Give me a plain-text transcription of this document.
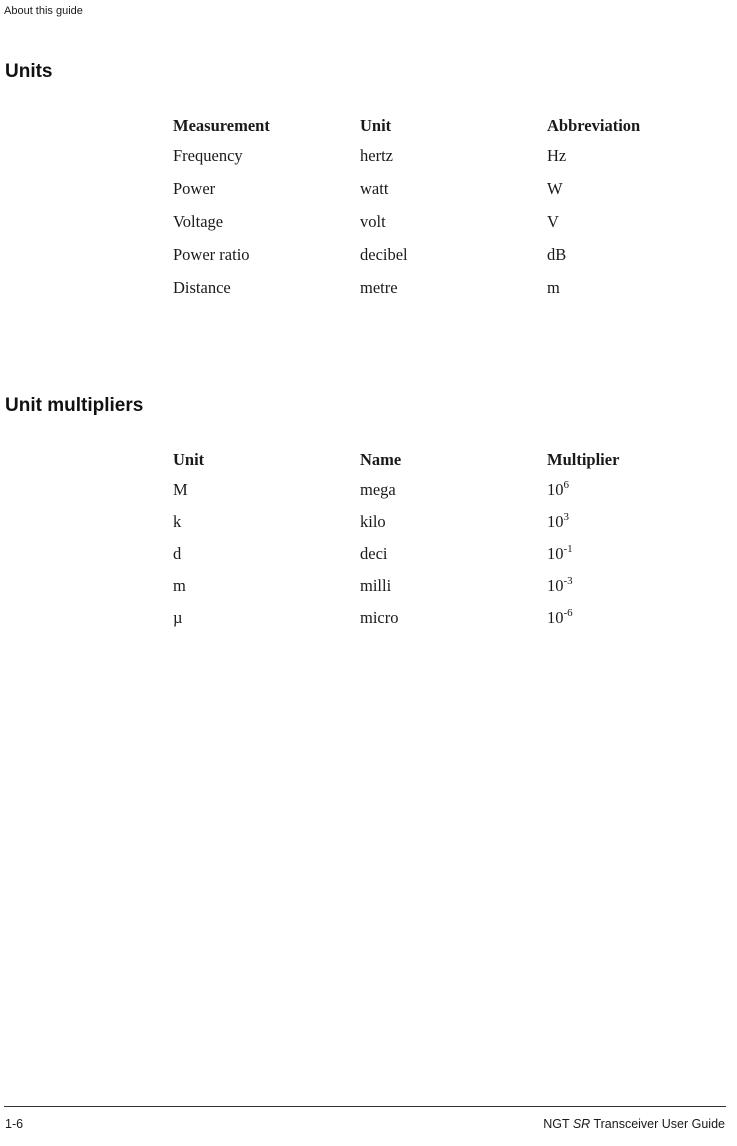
About this guide
Units
Measurement	Unit	Abbreviation
Frequency	hertz	Hz
Power	watt	W
Voltage	volt	V
Power ratio	decibel	dB
Distance	metre	m
Unit multipliers
Unit	Name	Multiplier
M	mega	$10^6$
k	kilo	$10^3$
d	deci	$10^{-1}$
m	milli	$10^{-3}$
µ	micro	$10^{-6}$
1-6	NGT SR Transceiver User Guide
